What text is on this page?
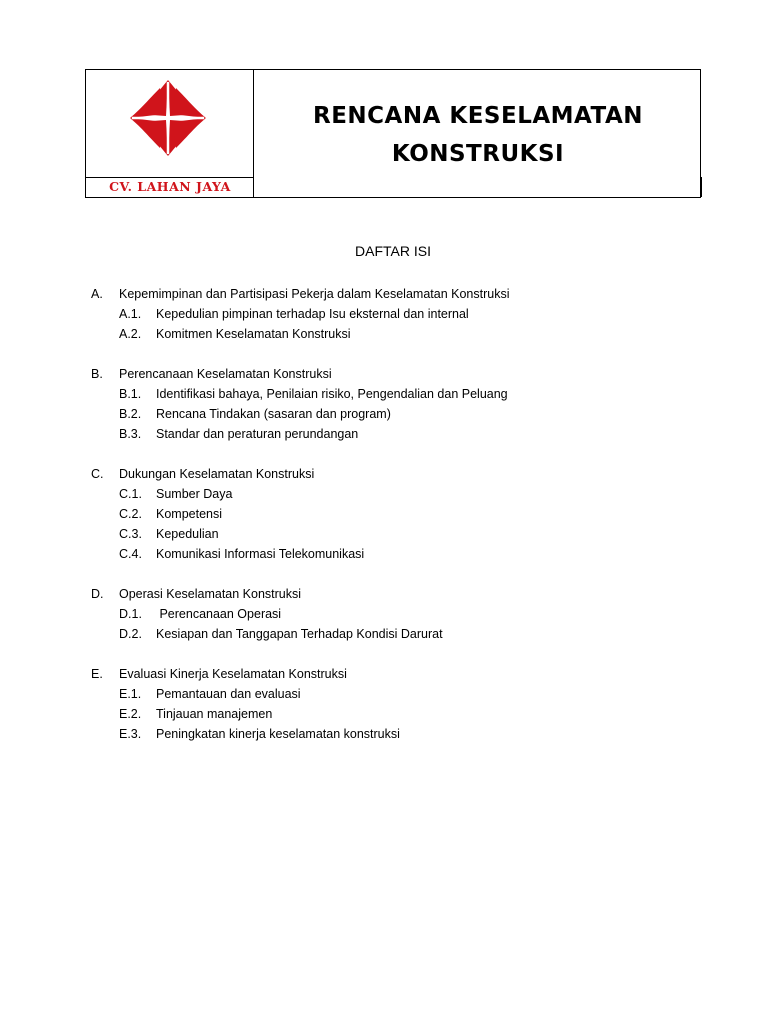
CV. LAHAN JAYA
RENCANA KESELAMATAN
KONSTRUKSI
DAFTAR ISI
A. Kepemimpinan dan Partisipasi Pekerja dalam Keselamatan Konstruksi
A.1. Kepedulian pimpinan terhadap Isu eksternal dan internal
A.2. Komitmen Keselamatan Konstruksi
B. Perencanaan Keselamatan Konstruksi
B.1. Identifikasi bahaya, Penilaian risiko, Pengendalian dan Peluang
B.2. Rencana Tindakan (sasaran dan program)
B.3. Standar dan peraturan perundangan
C. Dukungan Keselamatan Konstruksi
C.1. Sumber Daya
C.2. Kompetensi
C.3. Kepedulian
C.4. Komunikasi Informasi Telekomunikasi
D. Operasi Keselamatan Konstruksi
D.1. Perencanaan Operasi
D.2. Kesiapan dan Tanggapan Terhadap Kondisi Darurat
E. Evaluasi Kinerja Keselamatan Konstruksi
E.1. Pemantauan dan evaluasi
E.2. Tinjauan manajemen
E.3. Peningkatan kinerja keselamatan konstruksi
